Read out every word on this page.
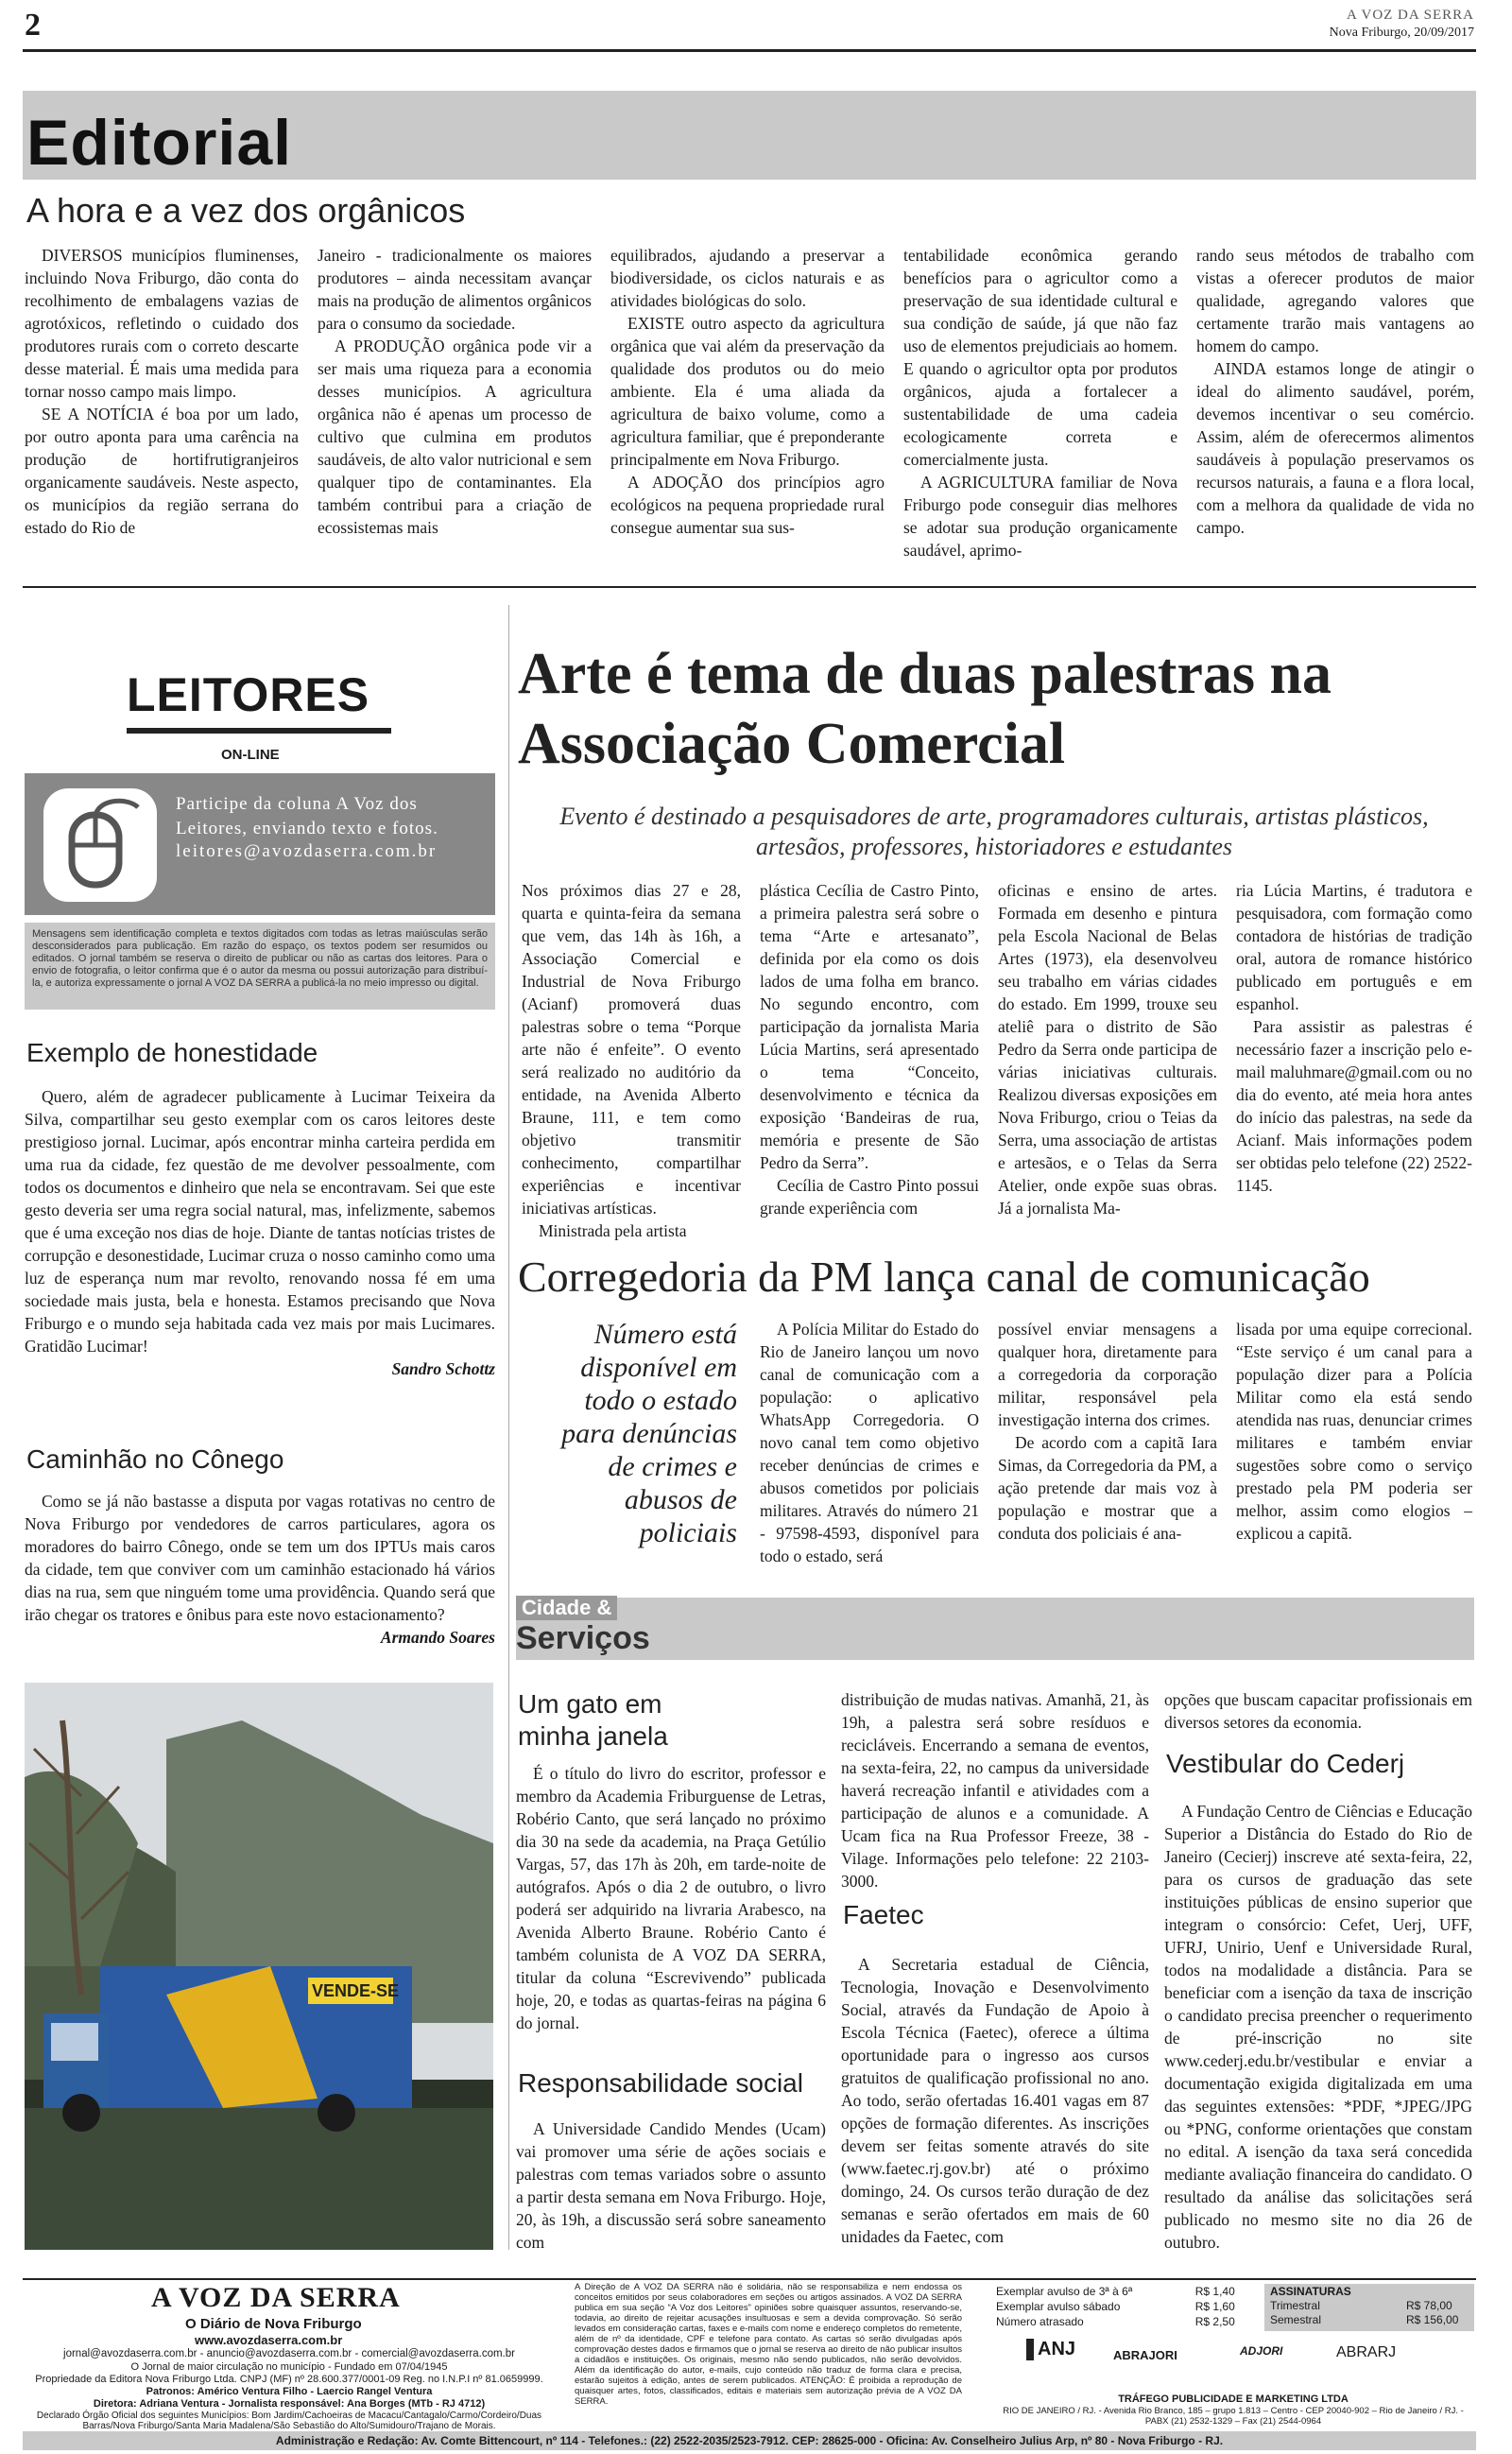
2	A VOZ DA SERRA
Nova Friburgo, 20/09/2017
Editorial
A hora e a vez dos orgânicos

DIVERSOS municípios fluminenses, incluindo Nova Friburgo, dão conta do recolhimento de embalagens vazias de agrotóxicos, refletindo o cuidado dos produtores rurais com o correto descarte desse material. É mais uma medida para tornar nosso campo mais limpo.

SE A NOTÍCIA é boa por um lado, por outro aponta para uma carência na produção de hortifrutigranjeiros organicamente saudáveis. Neste aspecto, os municípios da região serrana do estado do Rio de

Janeiro - tradicionalmente os maiores produtores – ainda necessitam avançar mais na produção de alimentos orgânicos para o consumo da sociedade.

A PRODUÇÃO orgânica pode vir a ser mais uma riqueza para a economia desses municípios. A agricultura orgânica não é apenas um processo de cultivo que culmina em produtos saudáveis, de alto valor nutricional e sem qualquer tipo de contaminantes. Ela também contribui para a criação de ecossistemas mais

equilibrados, ajudando a preservar a biodiversidade, os ciclos naturais e as atividades biológicas do solo.

EXISTE outro aspecto da agricultura orgânica que vai além da preservação da qualidade dos produtos ou do meio ambiente. Ela é uma aliada da agricultura de baixo volume, como a agricultura familiar, que é preponderante principalmente em Nova Friburgo.

A ADOÇÃO dos princípios agro ecológicos na pequena propriedade rural consegue aumentar sua sus-

tentabilidade econômica gerando benefícios para o agricultor como a preservação de sua identidade cultural e sua condição de saúde, já que não faz uso de elementos prejudiciais ao homem. E quando o agricultor opta por produtos orgânicos, ajuda a fortalecer a sustentabilidade de uma cadeia ecologicamente correta e comercialmente justa.

A AGRICULTURA familiar de Nova Friburgo pode conseguir dias melhores se adotar sua produção organicamente saudável, aprimo-

rando seus métodos de trabalho com vistas a oferecer produtos de maior qualidade, agregando valores que certamente trarão mais vantagens ao homem do campo.

AINDA estamos longe de atingir o ideal do alimento saudável, porém, devemos incentivar o seu comércio. Assim, além de oferecermos alimentos saudáveis à população preservamos os recursos naturais, a fauna e a flora local, com a melhora da qualidade de vida no campo.

LEITORES
ON-LINE
Participe da coluna A Voz dos Leitores, enviando texto e fotos.
leitores@avozdaserra.com.br
Mensagens sem identificação completa e textos digitados com todas as letras maiúsculas serão desconsiderados para publicação. Em razão do espaço, os textos podem ser resumidos ou editados. O jornal também se reserva o direito de publicar ou não as cartas dos leitores. Para o envio de fotografia, o leitor confirma que é o autor da mesma ou possui autorização para distribuí-la, e autoriza expressamente o jornal A VOZ DA SERRA a publicá-la no meio impresso ou digital.
Exemplo de honestidade

Quero, além de agradecer publicamente à Lucimar Teixeira da Silva, compartilhar seu gesto exemplar com os caros leitores deste prestigioso jornal. Lucimar, após encontrar minha carteira perdida em uma rua da cidade, fez questão de me devolver pessoalmente, com todos os documentos e dinheiro que nela se encontravam. Sei que este gesto deveria ser uma regra social natural, mas, infelizmente, sabemos que é uma exceção nos dias de hoje. Diante de tantas notícias tristes de corrupção e desonestidade, Lucimar cruza o nosso caminho como uma luz de esperança num mar revolto, renovando nossa fé em uma sociedade mais justa, bela e honesta. Estamos precisando que Nova Friburgo e o mundo seja habitada cada vez mais por mais Lucimares. Gratidão Lucimar!

Sandro Schottz

Caminhão no Cônego

Como se já não bastasse a disputa por vagas rotativas no centro de Nova Friburgo por vendedores de carros particulares, agora os moradores do bairro Cônego, onde se tem um dos IPTUs mais caros da cidade, tem que conviver com um caminhão estacionado há vários dias na rua, sem que ninguém tome uma providência. Quando será que irão chegar os tratores e ônibus para este novo estacionamento?

Armando Soares

VENDE-SE
Arte é tema de duas palestras na Associação Comercial
Evento é destinado a pesquisadores de arte, programadores culturais, artistas plásticos, artesãos, professores, historiadores e estudantes

Nos próximos dias 27 e 28, quarta e quinta-feira da semana que vem, das 14h às 16h, a Associação Comercial e Industrial de Nova Friburgo (Acianf) promoverá duas palestras sobre o tema “Porque arte não é enfeite”. O evento será realizado no auditório da entidade, na Avenida Alberto Braune, 111, e tem como objetivo transmitir conhecimento, compartilhar experiências e incentivar iniciativas artísticas.

Ministrada pela artista

plástica Cecília de Castro Pinto, a primeira palestra será sobre o tema “Arte e artesanato”, definida por ela como os dois lados de uma folha em branco. No segundo encontro, com participação da jornalista Maria Lúcia Martins, será apresentado o tema “Conceito, desenvolvimento e técnica da exposição ‘Bandeiras de rua, memória e presente de São Pedro da Serra”.

Cecília de Castro Pinto possui grande experiência com

oficinas e ensino de artes. Formada em desenho e pintura pela Escola Nacional de Belas Artes (1973), ela desenvolveu seu trabalho em várias cidades do estado. Em 1999, trouxe seu ateliê para o distrito de São Pedro da Serra onde participa de várias iniciativas culturais. Realizou diversas exposições em Nova Friburgo, criou o Teias da Serra, uma associação de artistas e artesãos, e o Telas da Serra Atelier, onde expõe suas obras. Já a jornalista Ma-

ria Lúcia Martins, é tradutora e pesquisadora, com formação como contadora de histórias de tradição oral, autora de romance histórico publicado em português e em espanhol.

Para assistir as palestras é necessário fazer a inscrição pelo e-mail maluhmare@gmail.com ou no dia do evento, até meia hora antes do início das palestras, na sede da Acianf. Mais informações podem ser obtidas pelo telefone (22) 2522-1145.

Corregedoria da PM lança canal de comunicação
Número está disponível em todo o estado para denúncias de crimes e abusos de policiais

A Polícia Militar do Estado do Rio de Janeiro lançou um novo canal de comunicação com a população: o aplicativo WhatsApp Corregedoria. O novo canal tem como objetivo receber denúncias de crimes e abusos cometidos por policiais militares. Através do número 21 - 97598-4593, disponível para todo o estado, será

possível enviar mensagens a qualquer hora, diretamente para a corregedoria da corporação militar, responsável pela investigação interna dos crimes.

De acordo com a capitã Iara Simas, da Corregedoria da PM, a ação pretende dar mais voz à população e mostrar que a conduta dos policiais é ana-

lisada por uma equipe correcional. “Este serviço é um canal para a população dizer para a Polícia Militar como ela está sendo atendida nas ruas, denunciar crimes militares e também enviar sugestões sobre como o serviço prestado pela PM poderia ser melhor, assim como elogios – explicou a capitã.

Cidade &
Serviços
Um gato em minha janela

É o título do livro do escritor, professor e membro da Academia Friburguense de Letras, Robério Canto, que será lançado no próximo dia 30 na sede da academia, na Praça Getúlio Vargas, 57, das 17h às 20h, em tarde-noite de autógrafos. Após o dia 2 de outubro, o livro poderá ser adquirido na livraria Arabesco, na Avenida Alberto Braune. Robério Canto é também colunista de A VOZ DA SERRA, titular da coluna “Escrevivendo” publicada hoje, 20, e todas as quartas-feiras na página 6 do jornal.

Responsabilidade social

A Universidade Candido Mendes (Ucam) vai promover uma série de ações sociais e palestras com temas variados sobre o assunto a partir desta semana em Nova Friburgo. Hoje, 20, às 19h, a discussão será sobre saneamento com

distribuição de mudas nativas. Amanhã, 21, às 19h, a palestra será sobre resíduos e recicláveis. Encerrando a semana de eventos, na sexta-feira, 22, no campus da universidade haverá recreação infantil e atividades com a participação de alunos e a comunidade. A Ucam fica na Rua Professor Freeze, 38 - Vilage. Informações pelo telefone: 22 2103-3000.

Faetec

A Secretaria estadual de Ciência, Tecnologia, Inovação e Desenvolvimento Social, através da Fundação de Apoio à Escola Técnica (Faetec), oferece a última oportunidade para o ingresso aos cursos gratuitos de qualificação profissional no ano. Ao todo, serão ofertadas 16.401 vagas em 87 opções de formação diferentes. As inscrições devem ser feitas somente através do site (www.faetec.rj.gov.br) até o próximo domingo, 24. Os cursos terão duração de dez semanas e serão ofertados em mais de 60 unidades da Faetec, com

opções que buscam capacitar profissionais em diversos setores da economia.

Vestibular do Cederj

A Fundação Centro de Ciências e Educação Superior a Distância do Estado do Rio de Janeiro (Cecierj) inscreve até sexta-feira, 22, para os cursos de graduação das sete instituições públicas de ensino superior que integram o consórcio: Cefet, Uerj, UFF, UFRJ, Unirio, Uenf e Universidade Rural, todos na modalidade a distância. Para se beneficiar com a isenção da taxa de inscrição o candidato precisa preencher o requerimento de pré-inscrição no site www.cederj.edu.br/vestibular e enviar a documentação exigida digitalizada em uma das seguintes extensões: *PDF, *JPEG/JPG ou *PNG, conforme orientações que constam no edital. A isenção da taxa será concedida mediante avaliação financeira do candidato. O resultado da análise das solicitações será publicado no mesmo site no dia 26 de outubro.

A VOZ DA SERRA
O Diário de Nova Friburgo
www.avozdaserra.com.br
jornal@avozdaserra.com.br - anuncio@avozdaserra.com.br - comercial@avozdaserra.com.br
O Jornal de maior circulação no município - Fundado em 07/04/1945
Propriedade da Editora Nova Friburgo Ltda. CNPJ (MF) nº 28.600.377/0001-09 Reg. no I.N.P.I nº 81.0659999.
Patronos: Américo Ventura Filho - Laercio Rangel Ventura
Diretora: Adriana Ventura - Jornalista responsável: Ana Borges (MTb - RJ 4712)
Declarado Órgão Oficial dos seguintes Municípios: Bom Jardim/Cachoeiras de Macacu/Cantagalo/Carmo/Cordeiro/Duas Barras/Nova Friburgo/Santa Maria Madalena/São Sebastião do Alto/Sumidouro/Trajano de Morais.
A Direção de A VOZ DA SERRA não é solidária, não se responsabiliza e nem endossa os conceitos emitidos por seus colaboradores em seções ou artigos assinados. A VOZ DA SERRA publica em sua seção “A Voz dos Leitores” opiniões sobre quaisquer assuntos, reservando-se, todavia, ao direito de rejeitar acusações insultuosas e sem a devida comprovação. Só serão levados em consideração cartas, faxes e e-mails com nome e endereço completos do remetente, além de nº da identidade, CPF e telefone para contato. As cartas só serão divulgadas após comprovação destes dados e firmamos que o jornal se reserva ao direito de não publicar insultos a cidadãos e instituições. Os originais, mesmo não sendo publicados, não serão devolvidos. Além da identificação do autor, e-mails, cujo conteúdo não traduz de forma clara e precisa, estarão sujeitos à edição, antes de serem publicados. ATENÇÃO: É proibida a reprodução de quaisquer artes, fotos, classificados, editais e materiais sem autorização prévia de A VOZ DA SERRA.
Exemplar avulso de 3ª à 6ª	R$ 1,40
Exemplar avulso sábado	R$ 1,60
Número atrasado	R$ 2,50
ASSINATURAS
Trimestral	R$ 78,00
Semestral	R$ 156,00
ANJ	ABRAJORI	ADJORI	ABRARJ
TRÁFEGO PUBLICIDADE E MARKETING LTDA
RIO DE JANEIRO / RJ. - Avenida Rio Branco, 185 – grupo 1.813 – Centro - CEP 20040-902 – Rio de Janeiro / RJ. - PABX (21) 2532-1329 – Fax (21) 2544-0964
Administração e Redação: Av. Comte Bittencourt, nº 114 - Telefones.: (22) 2522-2035/2523-7912. CEP: 28625-000 - Oficina: Av. Conselheiro Julius Arp, nº 80 - Nova Friburgo - RJ.
